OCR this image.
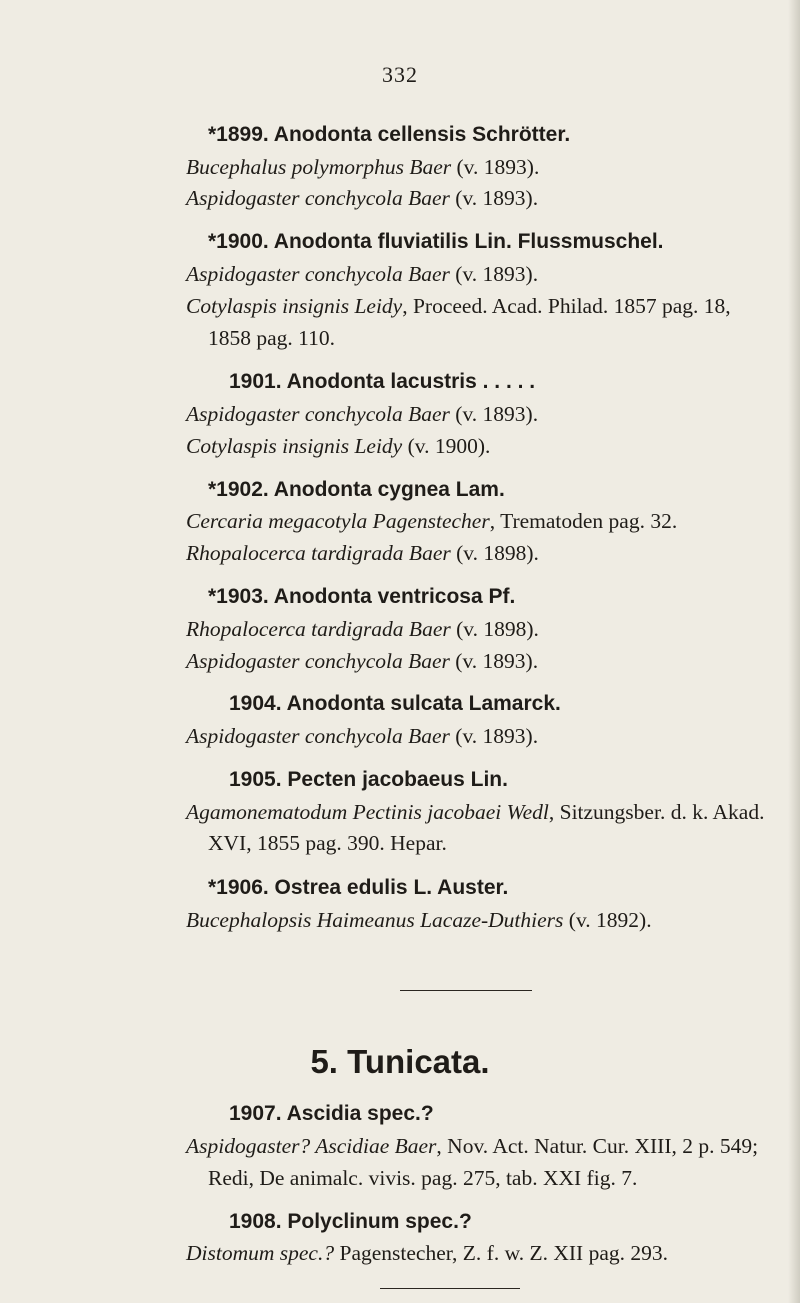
332
*1899. Anodonta cellensis Schrötter.
Bucephalus polymorphus Baer (v. 1893).
Aspidogaster conchycola Baer (v. 1893).
*1900. Anodonta fluviatilis Lin. Flussmuschel.
Aspidogaster conchycola Baer (v. 1893).
Cotylaspis insignis Leidy, Proceed. Acad. Philad. 1857 pag. 18,
1858 pag. 110.
1901. Anodonta lacustris . . . . .
Aspidogaster conchycola Baer (v. 1893).
Cotylaspis insignis Leidy (v. 1900).
*1902. Anodonta cygnea Lam.
Cercaria megacotyla Pagenstecher, Trematoden pag. 32.
Rhopalocerca tardigrada Baer (v. 1898).
*1903. Anodonta ventricosa Pf.
Rhopalocerca tardigrada Baer (v. 1898).
Aspidogaster conchycola Baer (v. 1893).
1904. Anodonta sulcata Lamarck.
Aspidogaster conchycola Baer (v. 1893).
1905. Pecten jacobaeus Lin.
Agamonematodum Pectinis jacobaei Wedl, Sitzungsber. d. k. Akad.
XVI, 1855 pag. 390. Hepar.
*1906. Ostrea edulis L. Auster.
Bucephalopsis Haimeanus Lacaze-Duthiers (v. 1892).
5. Tunicata.
1907. Ascidia spec.?
Aspidogaster? Ascidiae Baer, Nov. Act. Natur. Cur. XIII, 2 p. 549;
Redi, De animalc. vivis. pag. 275, tab. XXI fig. 7.
1908. Polyclinum spec.?
Distomum spec.? Pagenstecher, Z. f. w. Z. XII pag. 293.
